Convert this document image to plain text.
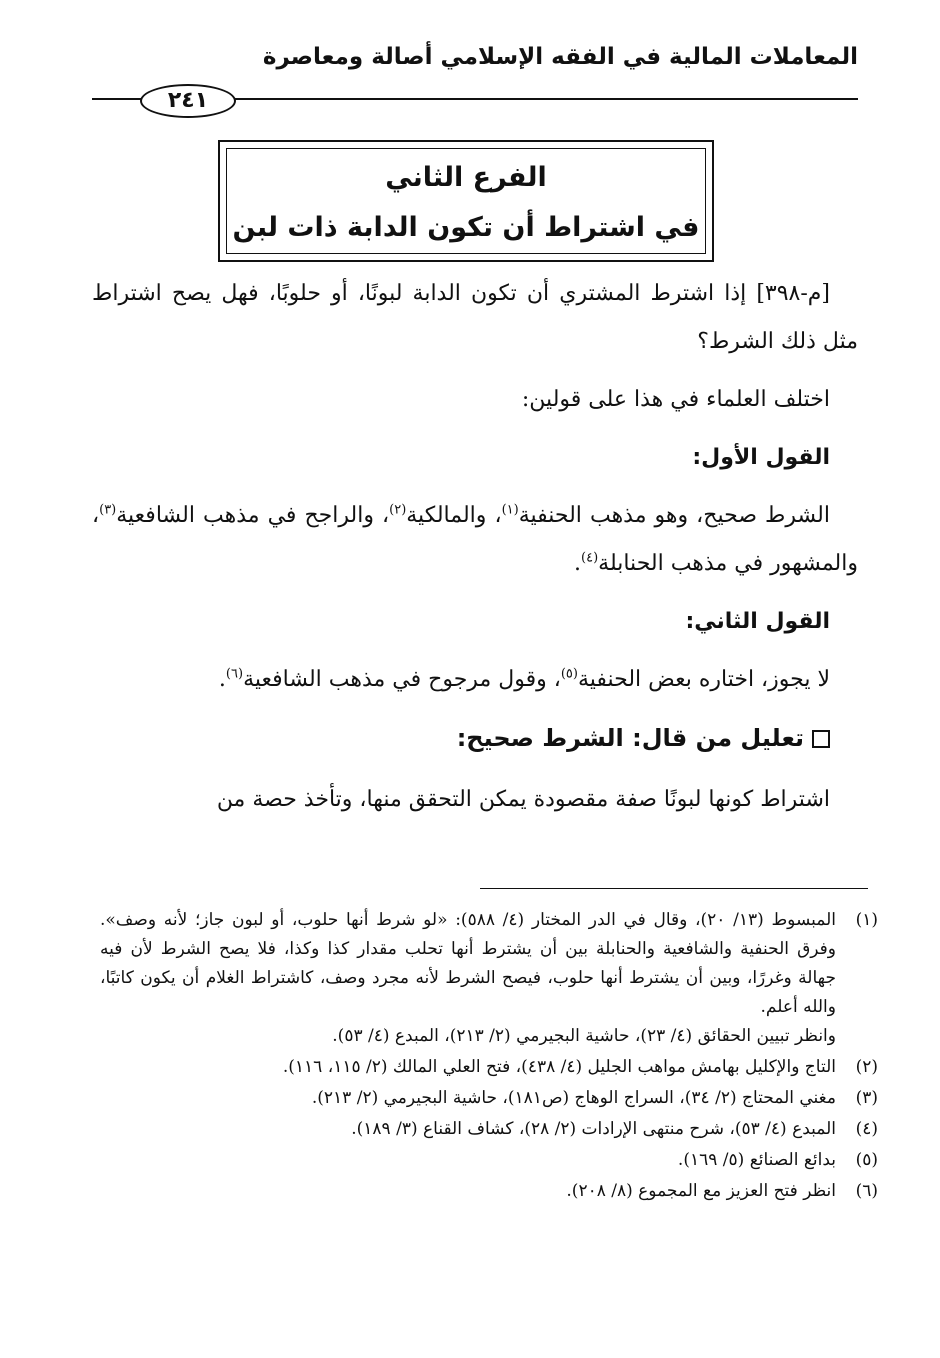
المعاملات المالية في الفقه الإسلامي أصالة ومعاصرة
٢٤١
الفرع الثاني
في اشتراط أن تكون الدابة ذات لبن

[م-٣٩٨] إذا اشترط المشتري أن تكون الدابة لبونًا، أو حلوبًا، فهل يصح اشتراط مثل ذلك الشرط؟

اختلف العلماء في هذا على قولين:

القول الأول:

الشرط صحيح، وهو مذهب الحنفية$^{(١)}$، والمالكية$^{(٢)}$، والراجح في مذهب الشافعية$^{(٣)}$، والمشهور في مذهب الحنابلة$^{(٤)}$.

القول الثاني:

لا يجوز، اختاره بعض الحنفية$^{(٥)}$، وقول مرجوح في مذهب الشافعية$^{(٦)}$.

تعليل من قال: الشرط صحيح:

اشتراط كونها لبونًا صفة مقصودة يمكن التحقق منها، وتأخذ حصة من

(١)
المبسوط (١٣/ ٢٠)، وقال في الدر المختار (٤/ ٥٨٨): «لو شرط أنها حلوب، أو لبون جاز؛ لأنه وصف». وفرق الحنفية والشافعية والحنابلة بين أن يشترط أنها تحلب مقدار كذا وكذا، فلا يصح الشرط لأن فيه جهالة وغررًا، وبين أن يشترط أنها حلوب، فيصح الشرط لأنه مجرد وصف، كاشتراط الغلام أن يكون كاتبًا، والله أعلم.
وانظر تبيين الحقائق (٤/ ٢٣)، حاشية البجيرمي (٢/ ٢١٣)، المبدع (٤/ ٥٣).
(٢)
التاج والإكليل بهامش مواهب الجليل (٤/ ٤٣٨)، فتح العلي المالك (٢/ ١١٥، ١١٦).
(٣)
مغني المحتاج (٢/ ٣٤)، السراج الوهاج (ص١٨١)، حاشية البجيرمي (٢/ ٢١٣).
(٤)
المبدع (٤/ ٥٣)، شرح منتهى الإرادات (٢/ ٢٨)، كشاف القناع (٣/ ١٨٩).
(٥)
بدائع الصنائع (٥/ ١٦٩).
(٦)
انظر فتح العزيز مع المجموع (٨/ ٢٠٨).
